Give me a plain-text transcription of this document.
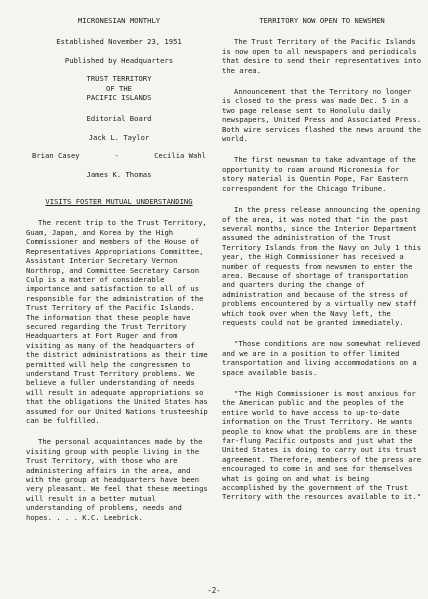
MICRONESIAN MONTHLY
Established November 23, 1951
Published by Headquarters
TRUST TERRITORY
OF THE
PACIFIC ISLANDS
Editorial Board
Jack L. Taylor
Brian Casey	-	Cecilia Wahl
James K. Thomas
VISITS FOSTER MUTUAL UNDERSTANDING

The recent trip to the Trust Territory, Guam, Japan, and Korea by the High Commissioner and members of the House of Representatives Appropriations Committee, Assistant Interior Secretary Vernon Northrop, and Committee Secretary Carson Culp is a matter of considerable importance and satisfaction to all of us responsible for the administration of the Trust Territory of the Pacific Islands. The information that these people have secured regarding the Trust Territory Headquarters at Fort Ruger and from visiting as many of the headquarters of the district administrations as their time permitted will help the congressmen to understand Trust Territory problems. We believe a fuller understanding of needs will result in adequate appropriations so that the obligations the United States has assumed for our United Nations trusteeship can be fulfilled.

The personal acquaintances made by the visiting group with people living in the Trust Territory, with those who are administering affairs in the area, and with the group at headquarters have been very pleasant. We feel that these meetings will result in a better mutual understanding of problems, needs and hopes. . . . K.C. Leebrick.

TERRITORY NOW OPEN TO NEWSMEN

The Trust Territory of the Pacific Islands is now open to all newspapers and periodicals that desire to send their representatives into the area.

Announcement that the Territory no longer is closed to the press was made Dec. 5 in a two page release sent to Honolulu daily newspapers, United Press and Associated Press. Both wire services flashed the news around the world.

The first newsman to take advantage of the opportunity to roam around Micronesia for story material is Quentin Pope, Far Eastern correspondent for the Chicago Tribune.

In the press release announcing the opening of the area, it was noted that "in the past several months, since the Interior Department assumed the administration of the Trust Territory Islands from the Navy on July 1 this year, the High Commissioner has received a number of requests from newsmen to enter the area. Because of shortage of transportation and quarters during the change of administration and because of the stress of problems encountered by a virtually new staff which took over when the Navy left, the requests could not be granted immediately.

"Those conditions are now somewhat relieved and we are in a position to offer limited transportation and living accommodations on a space available basis.

"The High Commissioner is most anxious for the American public and the peoples of the entire world to have access to up-to-date information on the Trust Territory. He wants people to know what the problems are in these far-flung Pacific outposts and just what the United States is doing to carry out its trust agreement. Therefore, members of the press are encouraged to come in and see for themselves what is going on and what is being accomplished by the government of the Trust Territory with the resources available to it."

-2-
